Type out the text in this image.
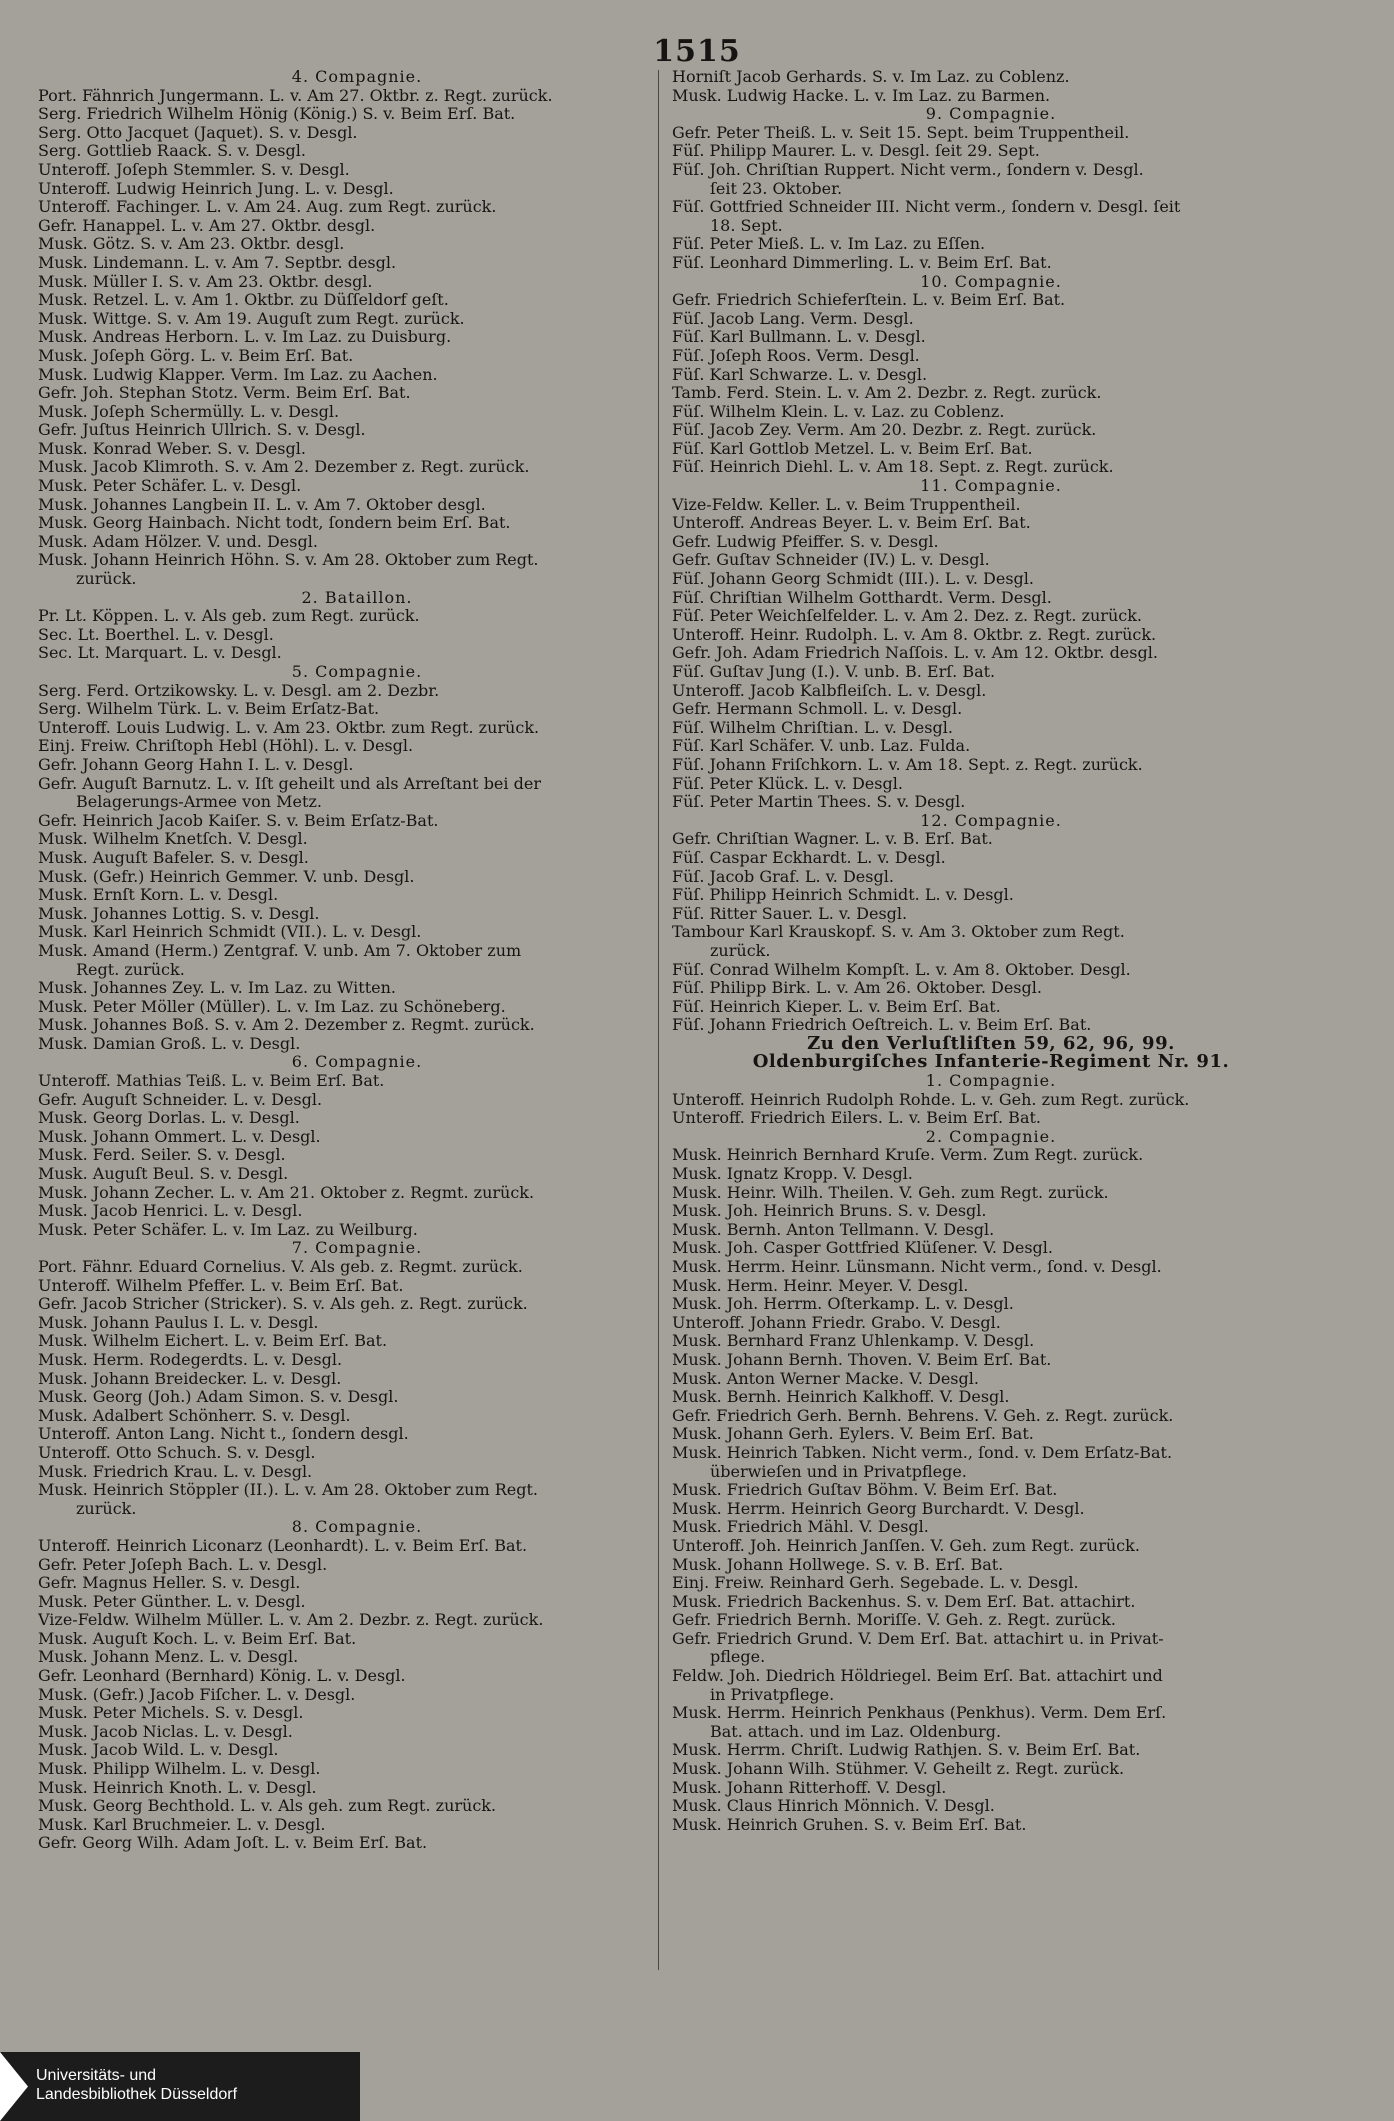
1515
4. Compagnie.
Port. Fähnrich Jungermann. L. v. Am 27. Oktbr. z. Regt. zurück.
Serg. Friedrich Wilhelm Hönig (König.) S. v. Beim Erſ. Bat.
Serg. Otto Jacquet (Jaquet). S. v. Desgl.
Serg. Gottlieb Raack. S. v. Desgl.
Unteroff. Joſeph Stemmler. S. v. Desgl.
Unteroff. Ludwig Heinrich Jung. L. v. Desgl.
Unteroff. Fachinger. L. v. Am 24. Aug. zum Regt. zurück.
Gefr. Hanappel. L. v. Am 27. Oktbr. desgl.
Musk. Götz. S. v. Am 23. Oktbr. desgl.
Musk. Lindemann. L. v. Am 7. Septbr. desgl.
Musk. Müller I. S. v. Am 23. Oktbr. desgl.
Musk. Retzel. L. v. Am 1. Oktbr. zu Düſſeldorf geſt.
Musk. Wittge. S. v. Am 19. Auguſt zum Regt. zurück.
Musk. Andreas Herborn. L. v. Im Laz. zu Duisburg.
Musk. Joſeph Görg. L. v. Beim Erſ. Bat.
Musk. Ludwig Klapper. Verm. Im Laz. zu Aachen.
Gefr. Joh. Stephan Stotz. Verm. Beim Erſ. Bat.
Musk. Joſeph Schermülly. L. v. Desgl.
Gefr. Juſtus Heinrich Ullrich. S. v. Desgl.
Musk. Konrad Weber. S. v. Desgl.
Musk. Jacob Klimroth. S. v. Am 2. Dezember z. Regt. zurück.
Musk. Peter Schäfer. L. v. Desgl.
Musk. Johannes Langbein II. L. v. Am 7. Oktober desgl.
Musk. Georg Hainbach. Nicht todt, ſondern beim Erſ. Bat.
Musk. Adam Hölzer. V. und. Desgl.
Musk. Johann Heinrich Höhn. S. v. Am 28. Oktober zum Regt.
zurück.
2. Bataillon.
Pr. Lt. Köppen. L. v. Als geb. zum Regt. zurück.
Sec. Lt. Boerthel. L. v. Desgl.
Sec. Lt. Marquart. L. v. Desgl.
5. Compagnie.
Serg. Ferd. Ortzikowsky. L. v. Desgl. am 2. Dezbr.
Serg. Wilhelm Türk. L. v. Beim Erſatz-Bat.
Unteroff. Louis Ludwig. L. v. Am 23. Oktbr. zum Regt. zurück.
Einj. Freiw. Chriſtoph Hebl (Höhl). L. v. Desgl.
Gefr. Johann Georg Hahn I. L. v. Desgl.
Gefr. Auguſt Barnutz. L. v. Iſt geheilt und als Arreſtant bei der
Belagerungs-Armee von Metz.
Gefr. Heinrich Jacob Kaiſer. S. v. Beim Erſatz-Bat.
Musk. Wilhelm Knetſch. V. Desgl.
Musk. Auguſt Bafeler. S. v. Desgl.
Musk. (Gefr.) Heinrich Gemmer. V. unb. Desgl.
Musk. Ernſt Korn. L. v. Desgl.
Musk. Johannes Lottig. S. v. Desgl.
Musk. Karl Heinrich Schmidt (VII.). L. v. Desgl.
Musk. Amand (Herm.) Zentgraf. V. unb. Am 7. Oktober zum
Regt. zurück.
Musk. Johannes Zey. L. v. Im Laz. zu Witten.
Musk. Peter Möller (Müller). L. v. Im Laz. zu Schöneberg.
Musk. Johannes Boß. S. v. Am 2. Dezember z. Regmt. zurück.
Musk. Damian Groß. L. v. Desgl.
6. Compagnie.
Unteroff. Mathias Teiß. L. v. Beim Erſ. Bat.
Gefr. Auguſt Schneider. L. v. Desgl.
Musk. Georg Dorlas. L. v. Desgl.
Musk. Johann Ommert. L. v. Desgl.
Musk. Ferd. Seiler. S. v. Desgl.
Musk. Auguſt Beul. S. v. Desgl.
Musk. Johann Zecher. L. v. Am 21. Oktober z. Regmt. zurück.
Musk. Jacob Henrici. L. v. Desgl.
Musk. Peter Schäfer. L. v. Im Laz. zu Weilburg.
7. Compagnie.
Port. Fähnr. Eduard Cornelius. V. Als geb. z. Regmt. zurück.
Unteroff. Wilhelm Pfeffer. L. v. Beim Erſ. Bat.
Gefr. Jacob Stricher (Stricker). S. v. Als geh. z. Regt. zurück.
Musk. Johann Paulus I. L. v. Desgl.
Musk. Wilhelm Eichert. L. v. Beim Erſ. Bat.
Musk. Herm. Rodegerdts. L. v. Desgl.
Musk. Johann Breidecker. L. v. Desgl.
Musk. Georg (Joh.) Adam Simon. S. v. Desgl.
Musk. Adalbert Schönherr. S. v. Desgl.
Unteroff. Anton Lang. Nicht t., ſondern desgl.
Unteroff. Otto Schuch. S. v. Desgl.
Musk. Friedrich Krau. L. v. Desgl.
Musk. Heinrich Stöppler (II.). L. v. Am 28. Oktober zum Regt.
zurück.
8. Compagnie.
Unteroff. Heinrich Liconarz (Leonhardt). L. v. Beim Erſ. Bat.
Gefr. Peter Joſeph Bach. L. v. Desgl.
Gefr. Magnus Heller. S. v. Desgl.
Musk. Peter Günther. L. v. Desgl.
Vize-Feldw. Wilhelm Müller. L. v. Am 2. Dezbr. z. Regt. zurück.
Musk. Auguſt Koch. L. v. Beim Erſ. Bat.
Musk. Johann Menz. L. v. Desgl.
Gefr. Leonhard (Bernhard) König. L. v. Desgl.
Musk. (Gefr.) Jacob Fiſcher. L. v. Desgl.
Musk. Peter Michels. S. v. Desgl.
Musk. Jacob Niclas. L. v. Desgl.
Musk. Jacob Wild. L. v. Desgl.
Musk. Philipp Wilhelm. L. v. Desgl.
Musk. Heinrich Knoth. L. v. Desgl.
Musk. Georg Bechthold. L. v. Als geh. zum Regt. zurück.
Musk. Karl Bruchmeier. L. v. Desgl.
Gefr. Georg Wilh. Adam Joſt. L. v. Beim Erſ. Bat.
Horniſt Jacob Gerhards. S. v. Im Laz. zu Coblenz.
Musk. Ludwig Hacke. L. v. Im Laz. zu Barmen.
9. Compagnie.
Gefr. Peter Theiß. L. v. Seit 15. Sept. beim Truppentheil.
Füſ. Philipp Maurer. L. v. Desgl. ſeit 29. Sept.
Füſ. Joh. Chriſtian Ruppert. Nicht verm., ſondern v. Desgl.
ſeit 23. Oktober.
Füſ. Gottfried Schneider III. Nicht verm., ſondern v. Desgl. ſeit
18. Sept.
Füſ. Peter Mieß. L. v. Im Laz. zu Eſſen.
Füſ. Leonhard Dimmerling. L. v. Beim Erſ. Bat.
10. Compagnie.
Gefr. Friedrich Schieferſtein. L. v. Beim Erſ. Bat.
Füſ. Jacob Lang. Verm. Desgl.
Füſ. Karl Bullmann. L. v. Desgl.
Füſ. Joſeph Roos. Verm. Desgl.
Füſ. Karl Schwarze. L. v. Desgl.
Tamb. Ferd. Stein. L. v. Am 2. Dezbr. z. Regt. zurück.
Füſ. Wilhelm Klein. L. v. Laz. zu Coblenz.
Füſ. Jacob Zey. Verm. Am 20. Dezbr. z. Regt. zurück.
Füſ. Karl Gottlob Metzel. L. v. Beim Erſ. Bat.
Füſ. Heinrich Diehl. L. v. Am 18. Sept. z. Regt. zurück.
11. Compagnie.
Vize-Feldw. Keller. L. v. Beim Truppentheil.
Unteroff. Andreas Beyer. L. v. Beim Erſ. Bat.
Gefr. Ludwig Pfeiffer. S. v. Desgl.
Gefr. Guſtav Schneider (IV.) L. v. Desgl.
Füſ. Johann Georg Schmidt (III.). L. v. Desgl.
Füſ. Chriſtian Wilhelm Gotthardt. Verm. Desgl.
Füſ. Peter Weichſelfelder. L. v. Am 2. Dez. z. Regt. zurück.
Unteroff. Heinr. Rudolph. L. v. Am 8. Oktbr. z. Regt. zurück.
Gefr. Joh. Adam Friedrich Naſſois. L. v. Am 12. Oktbr. desgl.
Füſ. Guſtav Jung (I.). V. unb. B. Erſ. Bat.
Unteroff. Jacob Kalbfleiſch. L. v. Desgl.
Gefr. Hermann Schmoll. L. v. Desgl.
Füſ. Wilhelm Chriſtian. L. v. Desgl.
Füſ. Karl Schäfer. V. unb. Laz. Fulda.
Füſ. Johann Friſchkorn. L. v. Am 18. Sept. z. Regt. zurück.
Füſ. Peter Klück. L. v. Desgl.
Füſ. Peter Martin Thees. S. v. Desgl.
12. Compagnie.
Gefr. Chriſtian Wagner. L. v. B. Erſ. Bat.
Füſ. Caspar Eckhardt. L. v. Desgl.
Füſ. Jacob Graf. L. v. Desgl.
Füſ. Philipp Heinrich Schmidt. L. v. Desgl.
Füſ. Ritter Sauer. L. v. Desgl.
Tambour Karl Krauskopf. S. v. Am 3. Oktober zum Regt.
zurück.
Füſ. Conrad Wilhelm Kompſt. L. v. Am 8. Oktober. Desgl.
Füſ. Philipp Birk. L. v. Am 26. Oktober. Desgl.
Füſ. Heinrich Kieper. L. v. Beim Erſ. Bat.
Füſ. Johann Friedrich Oeſtreich. L. v. Beim Erſ. Bat.
Zu den Verluſtliſten 59, 62, 96, 99.
Oldenburgiſches Infanterie-Regiment Nr. 91.
1. Compagnie.
Unteroff. Heinrich Rudolph Rohde. L. v. Geh. zum Regt. zurück.
Unteroff. Friedrich Eilers. L. v. Beim Erſ. Bat.
2. Compagnie.
Musk. Heinrich Bernhard Kruſe. Verm. Zum Regt. zurück.
Musk. Ignatz Kropp. V. Desgl.
Musk. Heinr. Wilh. Theilen. V. Geh. zum Regt. zurück.
Musk. Joh. Heinrich Bruns. S. v. Desgl.
Musk. Bernh. Anton Tellmann. V. Desgl.
Musk. Joh. Casper Gottfried Klüſener. V. Desgl.
Musk. Herrm. Heinr. Lünsmann. Nicht verm., ſond. v. Desgl.
Musk. Herm. Heinr. Meyer. V. Desgl.
Musk. Joh. Herrm. Oſterkamp. L. v. Desgl.
Unteroff. Johann Friedr. Grabo. V. Desgl.
Musk. Bernhard Franz Uhlenkamp. V. Desgl.
Musk. Johann Bernh. Thoven. V. Beim Erſ. Bat.
Musk. Anton Werner Macke. V. Desgl.
Musk. Bernh. Heinrich Kalkhoff. V. Desgl.
Gefr. Friedrich Gerh. Bernh. Behrens. V. Geh. z. Regt. zurück.
Musk. Johann Gerh. Eylers. V. Beim Erſ. Bat.
Musk. Heinrich Tabken. Nicht verm., ſond. v. Dem Erſatz-Bat.
überwieſen und in Privatpflege.
Musk. Friedrich Guſtav Böhm. V. Beim Erſ. Bat.
Musk. Herrm. Heinrich Georg Burchardt. V. Desgl.
Musk. Friedrich Mähl. V. Desgl.
Unteroff. Joh. Heinrich Janſſen. V. Geh. zum Regt. zurück.
Musk. Johann Hollwege. S. v. B. Erſ. Bat.
Einj. Freiw. Reinhard Gerh. Segebade. L. v. Desgl.
Musk. Friedrich Backenhus. S. v. Dem Erſ. Bat. attachirt.
Gefr. Friedrich Bernh. Moriſſe. V. Geh. z. Regt. zurück.
Gefr. Friedrich Grund. V. Dem Erſ. Bat. attachirt u. in Privat-
pflege.
Feldw. Joh. Diedrich Höldriegel. Beim Erſ. Bat. attachirt und
in Privatpflege.
Musk. Herrm. Heinrich Penkhaus (Penkhus). Verm. Dem Erſ.
Bat. attach. und im Laz. Oldenburg.
Musk. Herrm. Chriſt. Ludwig Rathjen. S. v. Beim Erſ. Bat.
Musk. Johann Wilh. Stühmer. V. Geheilt z. Regt. zurück.
Musk. Johann Ritterhoff. V. Desgl.
Musk. Claus Hinrich Mönnich. V. Desgl.
Musk. Heinrich Gruhen. S. v. Beim Erſ. Bat.
Universitäts- und
Landesbibliothek Düsseldorf
